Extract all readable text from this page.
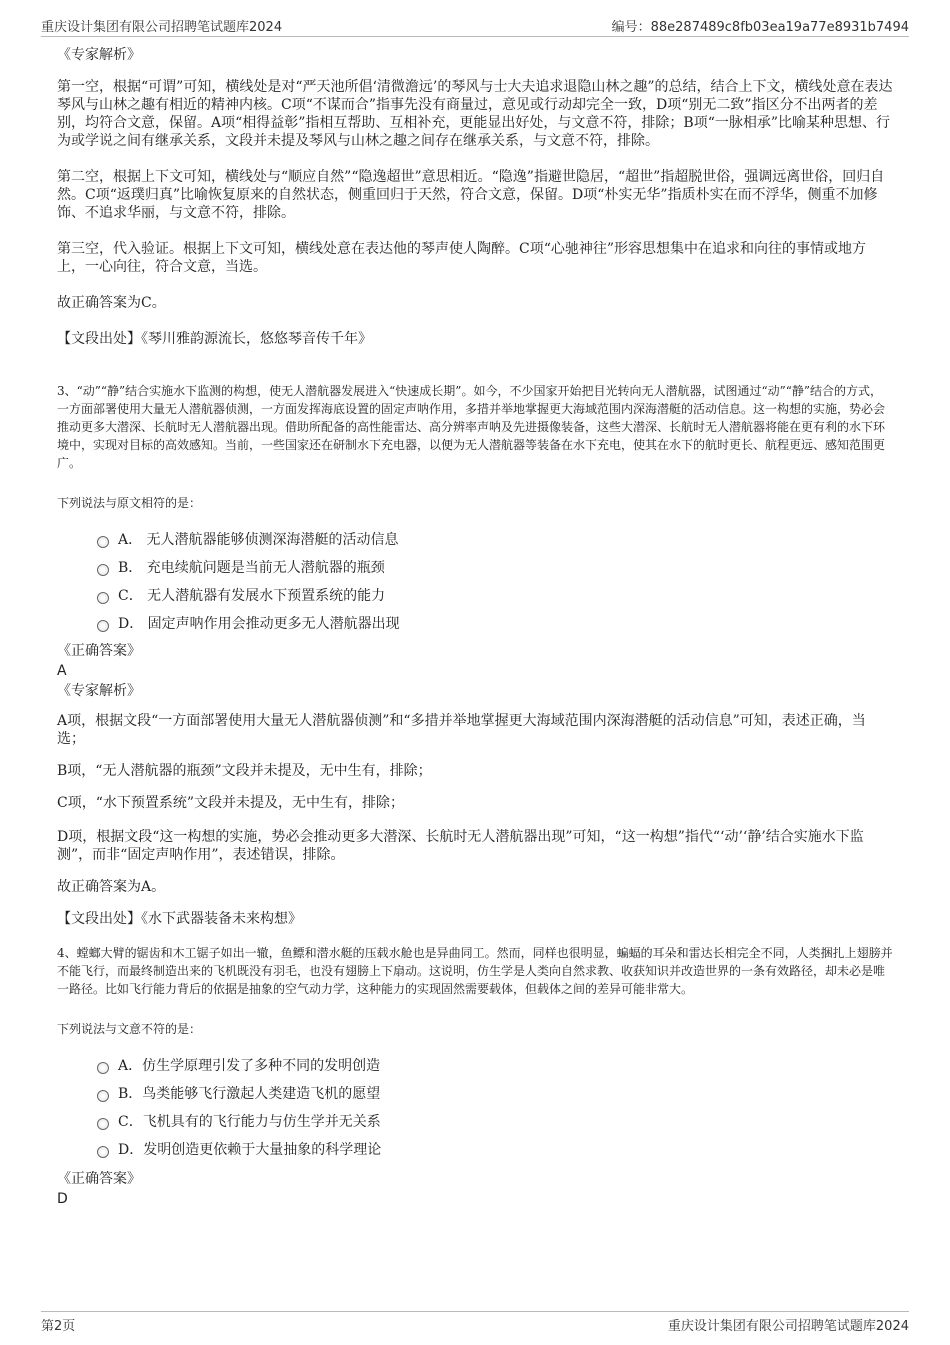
重庆设计集团有限公司招聘笔试题库2024	编号：88e287489c8fb03ea19a77e8931b7494

《专家解析》

第一空，根据“可谓”可知，横线处是对“严天池所倡‘清微澹远’的琴风与士大夫追求退隐山林之趣”的总结，结合上下文，横线处意在表达琴风与山林之趣有相近的精神内核。C项“不谋而合”指事先没有商量过，意见或行动却完全一致，D项“别无二致”指区分不出两者的差别，均符合文意，保留。A项“相得益彰”指相互帮助、互相补充，更能显出好处，与文意不符，排除；B项“一脉相承”比喻某种思想、行为或学说之间有继承关系，文段并未提及琴风与山林之趣之间存在继承关系，与文意不符，排除。

第二空，根据上下文可知，横线处与“顺应自然”“隐逸超世”意思相近。“隐逸”指避世隐居，“超世”指超脱世俗，强调远离世俗，回归自然。C项“返璞归真”比喻恢复原来的自然状态，侧重回归于天然，符合文意，保留。D项“朴实无华”指质朴实在而不浮华，侧重不加修饰、不追求华丽，与文意不符，排除。

第三空，代入验证。根据上下文可知，横线处意在表达他的琴声使人陶醉。C项“心驰神往”形容思想集中在追求和向往的事情或地方上，一心向往，符合文意，当选。

故正确答案为C。

【文段出处】《琴川雅韵源流长，悠悠琴音传千年》

3、“动”“静”结合实施水下监测的构想，使无人潜航器发展进入“快速成长期”。如今，不少国家开始把目光转向无人潜航器，试图通过“动”“静”结合的方式，一方面部署使用大量无人潜航器侦测，一方面发挥海底设置的固定声呐作用，多措并举地掌握更大海域范围内深海潜艇的活动信息。这一构想的实施，势必会推动更多大潜深、长航时无人潜航器出现。借助所配备的高性能雷达、高分辨率声呐及先进摄像装备，这些大潜深、长航时无人潜航器将能在更有利的水下环境中，实现对目标的高效感知。当前，一些国家还在研制水下充电器，以便为无人潜航器等装备在水下充电，使其在水下的航时更长、航程更远、感知范围更广。

下列说法与原文相符的是：

A． 无人潜航器能够侦测深海潜艇的活动信息
B． 充电续航问题是当前无人潜航器的瓶颈
C． 无人潜航器有发展水下预置系统的能力
D． 固定声呐作用会推动更多无人潜航器出现

《正确答案》

A

《专家解析》

A项，根据文段“一方面部署使用大量无人潜航器侦测”和“多措并举地掌握更大海域范围内深海潜艇的活动信息”可知，表述正确，当选；

B项，“无人潜航器的瓶颈”文段并未提及，无中生有，排除；

C项，“水下预置系统”文段并未提及，无中生有，排除；

D项，根据文段“这一构想的实施，势必会推动更多大潜深、长航时无人潜航器出现”可知，“这一构想”指代“‘动’‘静’结合实施水下监测”，而非“固定声呐作用”，表述错误，排除。

故正确答案为A。

【文段出处】《水下武器装备未来构想》

4、螳螂大臂的锯齿和木工锯子如出一辙，鱼鳔和潜水艇的压载水舱也是异曲同工。然而，同样也很明显，蝙蝠的耳朵和雷达长相完全不同，人类捆扎上翅膀并不能飞行，而最终制造出来的飞机既没有羽毛，也没有翅膀上下扇动。这说明，仿生学是人类向自然求教、收获知识并改造世界的一条有效路径，却未必是唯一路径。比如飞行能力背后的依据是抽象的空气动力学，这种能力的实现固然需要载体，但载体之间的差异可能非常大。

下列说法与文意不符的是：

A．仿生学原理引发了多种不同的发明创造
B．鸟类能够飞行激起人类建造飞机的愿望
C．飞机具有的飞行能力与仿生学并无关系
D．发明创造更依赖于大量抽象的科学理论

《正确答案》

D

第2页	重庆设计集团有限公司招聘笔试题库2024
